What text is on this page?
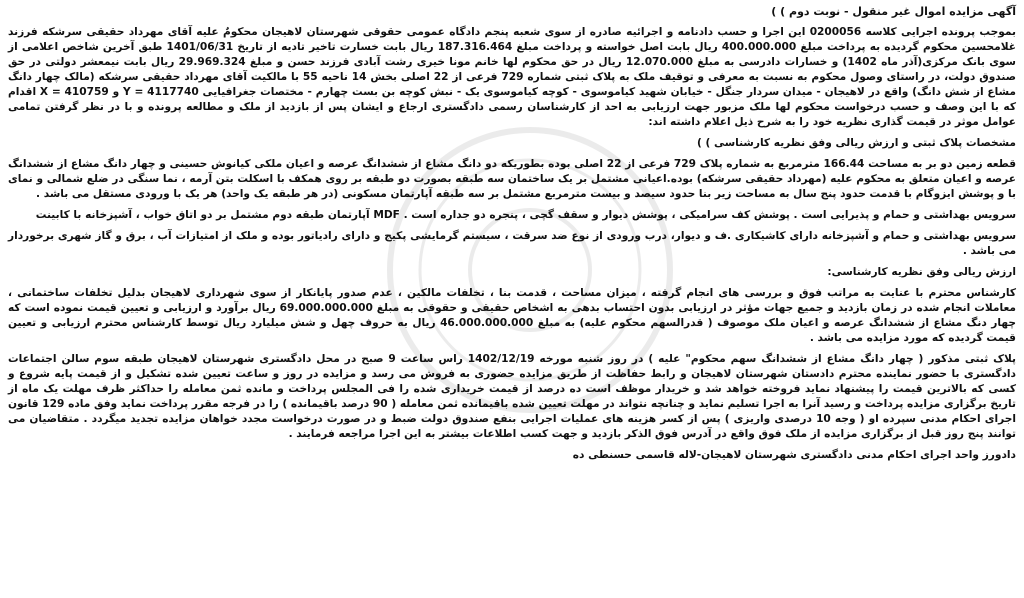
آگهی مزایده اموال غیر منقول - نوبت دوم ) )

بموجب پرونده اجرایی کلاسه 0200056 این اجرا و حسب دادنامه و اجرائیه صادره از سوی شعبه پنجم دادگاه عمومی حقوقی شهرستان لاهیجان محکومٌ علیه آقای مهرداد حقیقی سرشکه فرزند غلامحسین محکوم گردیده به پرداخت مبلغ 400.000.000 ریال بابت اصل خواسته و پرداخت مبلغ 187.316.464 ریال بابت خسارت تاخیر تادیه از تاریخ 1401/06/31 طبق آخرین شاخص اعلامی از سوی بانک مرکزی(آذر ماه 1402) و خسارات دادرسی به مبلغ 12.070.000 ریال در حق محکوم لها خانم مونا خیری رشت آبادی فرزند حسن و مبلغ 29.969.324 ریال بابت نیمعشر دولتی در حق صندوق دولت، در راستای وصول محکوم به نسبت به معرفی و توقیف ملک به پلاک ثبتی شماره 729 فرعی از 22 اصلی بخش 14 ناحیه 55 با مالکیت آقای مهرداد حقیقی سرشکه (مالک چهار دانگ مشاع از شش دانگ) واقع در لاهیجان - میدان سردار جنگل - خیابان شهید کیاموسوی - کوچه کیاموسوی یک - نبش کوچه بن بست چهارم - مختصات جغرافیایی 4117740 = Y و 410759 = X اقدام که با این وصف و حسب درخواست محکوم لها ملک مزبور جهت ارزیابی به احد از کارشناسان رسمی دادگستری ارجاع و ایشان پس از بازدید از ملک و مطالعه پرونده و با در نظر گرفتن تمامی عوامل موثر در قیمت گذاری نظریه خود را به شرح ذیل اعلام داشته اند:

مشخصات پلاک ثبتی و ارزش ریالی وفق نظریه کارشناسی ) )

قطعه زمین دو بر به مساحت 166.44 مترمربع به شماره پلاک 729 فرعی از 22 اصلی بوده بطوریکه دو دانگ مشاع از ششدانگ عرصه و اعیان ملکی کیانوش حسینی و چهار دانگ مشاع از ششدانگ عرصه و اعیان متعلق به محکوم علیه (مهرداد حقیقی سرشکه) بوده.اعیانی مشتمل بر یک ساختمان سه طبقه بصورت دو طبقه بر روی همکف با اسکلت بتن آرمه ، نما سنگی در ضلع شمالی و نمای با و پوشش ایزوگام با قدمت حدود پنج سال به مساحت زیر بنا حدود سیصد و بیست مترمربع مشتمل بر سه طبقه آپارتمان مسکونی (در هر طبقه یک واحد) هر یک با ورودی مستقل می باشد .

سرویس بهداشتی و حمام و پذیرایی است . پوشش کف سرامیکی ، پوشش دیوار و سقف گچی ، پنجره دو جداره است . MDF آپارتمان طبقه دوم مشتمل بر دو اتاق خواب ، آشپزخانه با کابینت

سرویس بهداشتی و حمام و آشپزخانه دارای کاشیکاری .ف و دیوار، درب ورودی از نوع ضد سرقت ، سیستم گرمایشی پکیج و دارای رادیاتور بوده و ملک از امتیازات آب ، برق و گاز شهری برخوردار می باشد .

ارزش ریالی وفق نظریه کارشناسی:

کارشناس محترم با عنایت به مراتب فوق و بررسی های انجام گرفته ، میزان مساحت ، قدمت بنا ، تخلفات مالکین ، عدم صدور پایانکار از سوی شهرداری لاهیجان بدلیل تخلفات ساختمانی ، معاملات انجام شده در زمان بازدید و جمیع جهات مؤثر در ارزیابی بدون احتساب بدهی به اشخاص حقیقی و حقوقی به مبلغ 69.000.000.000 ریال برآورد و ارزیابی و تعیین قیمت نموده است که چهار دنگ مشاع از ششدانگ عرصه و اعیان ملک موصوف ( قدرالسهم محکوم علیه) به مبلغ 46.000.000.000 ریال به حروف چهل و شش میلیارد ریال توسط کارشناس محترم ارزیابی و تعیین قیمت گردیده که مورد مزایده می باشد .

پلاک ثبتی مذکور ( چهار دانگ مشاع از ششدانگ سهم محکوم" علیه ) در روز شنبه مورخه 1402/12/19 راس ساعت 9 صبح در محل دادگستری شهرستان لاهیجان طبقه سوم سالن اجتماعات دادگستری با حضور نماینده محترم دادستان شهرستان لاهیجان و رابط حفاظت از طریق مزایده حضوری به فروش می رسد و مزایده در روز و ساعت تعیین شده تشکیل و از قیمت پایه شروع و کسی که بالاترین قیمت را پیشنهاد نماید فروخته خواهد شد و خریدار موظف است ده درصد از قیمت خریداری شده را فی المجلس پرداخت و مانده ثمن معامله را حداکثر ظرف مهلت یک ماه از تاریخ برگزاری مزایده پرداخت و رسید آنرا به اجرا تسلیم نماید و چنانچه نتواند در مهلت تعیین شده باقیمانده ثمن معامله ( 90 درصد باقیمانده ) را در فرجه مقرر پرداخت نماید وفق ماده 129 قانون اجرای احکام مدنی سپرده او ( وجه 10 درصدی واریزی ) پس از کسر هزینه های عملیات اجرایی بنفع صندوق دولت ضبط و در صورت درخواست مجدد خواهان مزایده تجدید میگردد . متقاضیان می توانند پنج روز قبل از برگزاری مزایده از ملک فوق واقع در آدرس فوق الذکر بازدید و جهت کسب اطلاعات بیشتر به این اجرا مراجعه فرمایند .

دادورز واحد اجرای احکام مدنی دادگستری شهرستان لاهیجان-لاله قاسمی حسنطی ده
